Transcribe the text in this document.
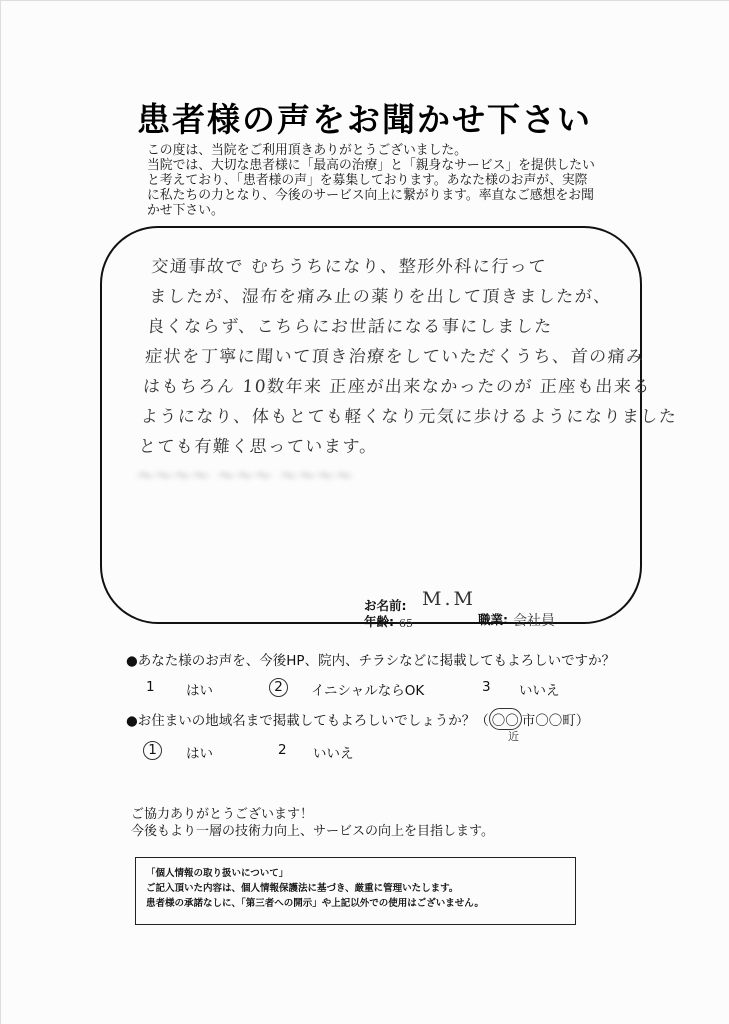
患者様の声をお聞かせ下さい
この度は、当院をご利用頂きありがとうございました。
当院では、大切な患者様に「最高の治療」と「親身なサービス」を提供したい
と考えており、「患者様の声」を募集しております。あなた様のお声が、実際
に私たちの力となり、今後のサービス向上に繋がります。率直なご感想をお聞
かせ下さい。
交通事故で むちうちになり、整形外科に行って
ましたが、湿布を痛み止の薬りを出して頂きましたが、
良くならず、こちらにお世話になる事にしました
症状を丁寧に聞いて頂き治療をしていただくうち、首の痛み
はもちろん 10数年来 正座が出来なかったのが 正座も出来る
ようになり、体もとても軽くなり元気に歩けるようになりました
とても有難く思っています。
〜〜〜〜 〜〜〜 〜〜〜〜
お名前: M.M
年齢: 65	職業: 会社員
●あなた様のお声を、今後HP、院内、チラシなどに掲載してもよろしいですか？
1 はい	2	イニシャルならOK	3 いいえ
●お住まいの地域名まで掲載してもよろしいでしょうか？（ 〇〇 市〇〇町）
近
1	はい	2 いいえ
ご協力ありがとうございます！
今後もより一層の技術力向上、サービスの向上を目指します。
「個人情報の取り扱いについて」
ご記入頂いた内容は、個人情報保護法に基づき、厳重に管理いたします。
患者様の承諾なしに、「第三者への開示」や上記以外での使用はございません。
